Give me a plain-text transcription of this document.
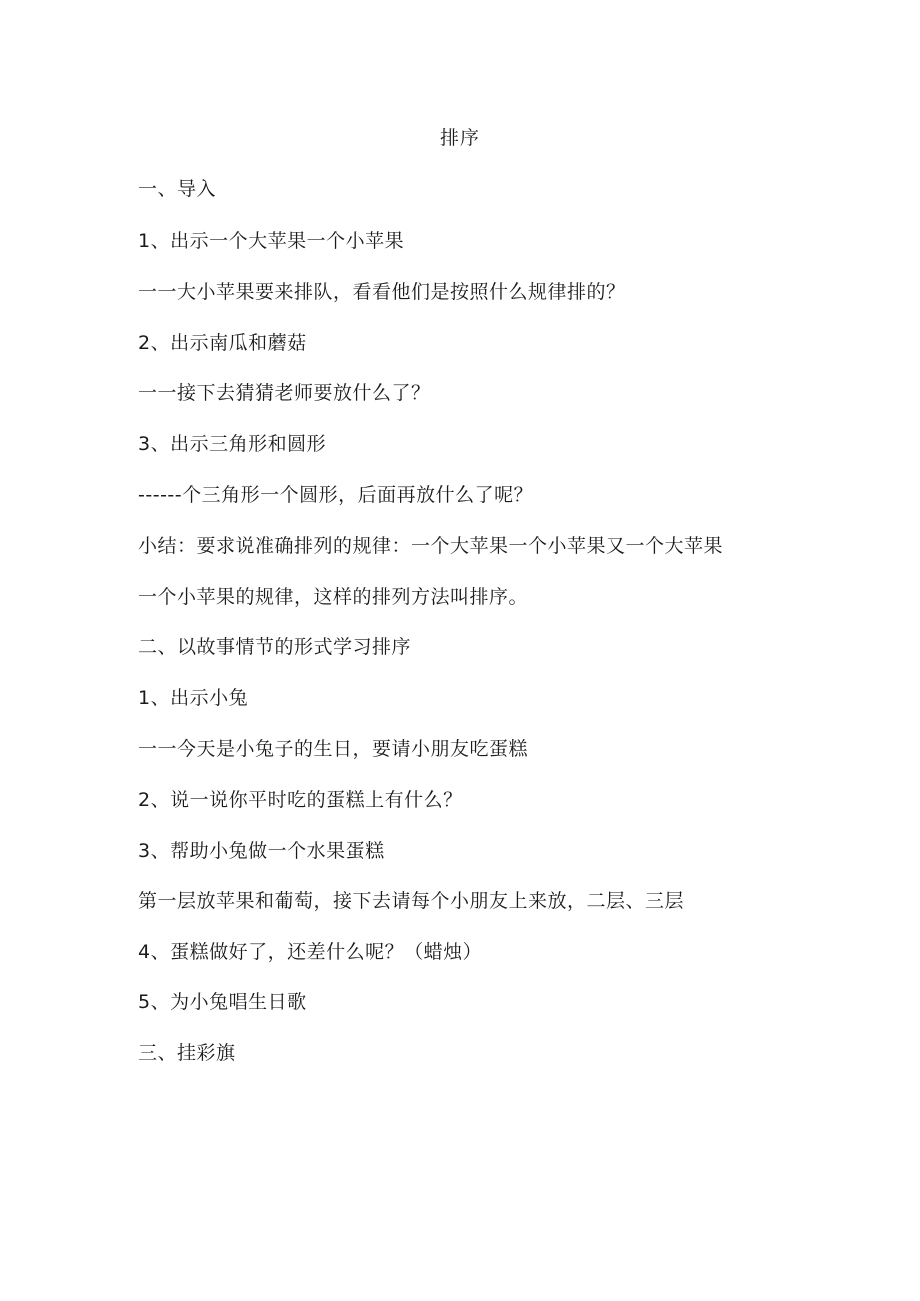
排序
一、导入
1、出示一个大苹果一个小苹果
一一大小苹果要来排队，看看他们是按照什么规律排的？
2、出示南瓜和蘑菇
一一接下去猜猜老师要放什么了？
3、出示三角形和圆形
------个三角形一个圆形，后面再放什么了呢？
小结：要求说准确排列的规律：一个大苹果一个小苹果又一个大苹果
一个小苹果的规律，这样的排列方法叫排序。
二、以故事情节的形式学习排序
1、出示小兔
一一今天是小兔子的生日，要请小朋友吃蛋糕
2、说一说你平时吃的蛋糕上有什么？
3、帮助小兔做一个水果蛋糕
第一层放苹果和葡萄，接下去请每个小朋友上来放，二层、三层
4、蛋糕做好了，还差什么呢？（蜡烛）
5、为小兔唱生日歌
三、挂彩旗
